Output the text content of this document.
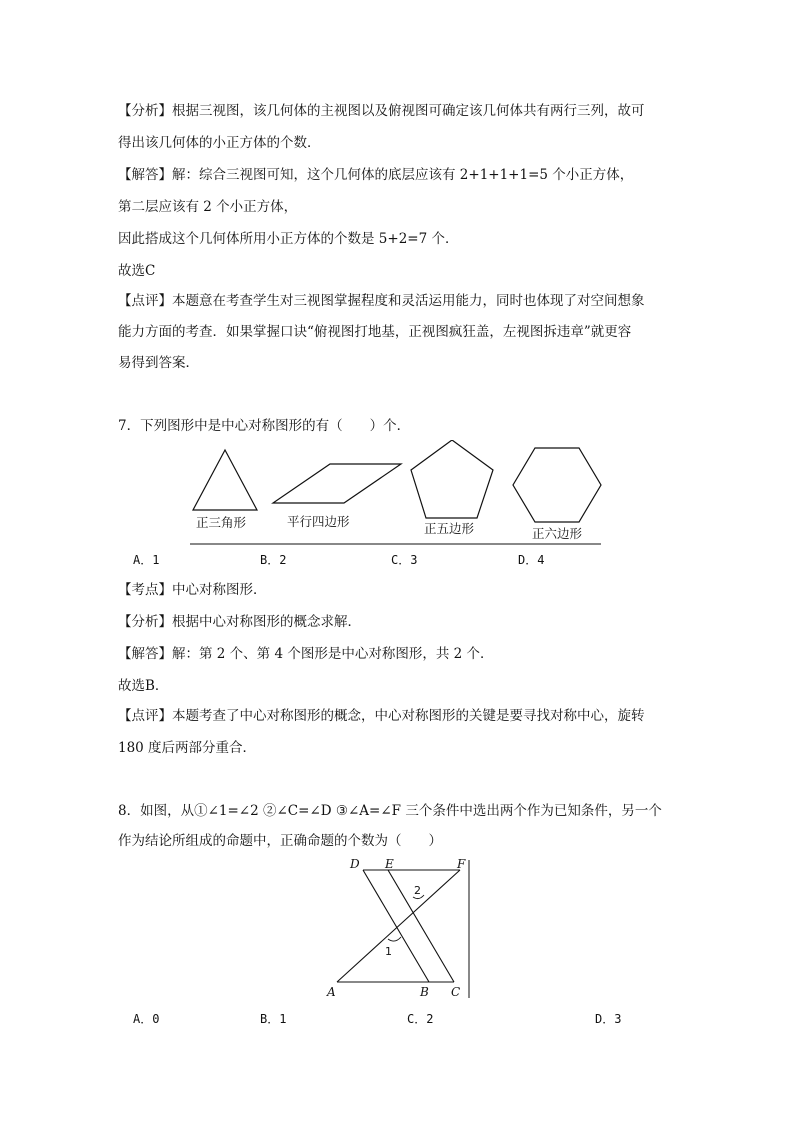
【分析】根据三视图，该几何体的主视图以及俯视图可确定该几何体共有两行三列，故可
得出该几何体的小正方体的个数．
【解答】解：综合三视图可知，这个几何体的底层应该有 2+1+1+1=5 个小正方体，
第二层应该有 2 个小正方体，
因此搭成这个几何体所用小正方体的个数是 5+2=7 个．
故选C
【点评】本题意在考查学生对三视图掌握程度和灵活运用能力，同时也体现了对空间想象
能力方面的考查．如果掌握口诀“俯视图打地基，正视图疯狂盖，左视图拆违章”就更容
易得到答案．
7．下列图形中是中心对称图形的有（　　）个．
正三角形	平行四边形	正五边形	正六边形
A．1	B．2	C．3	D．4
【考点】中心对称图形．
【分析】根据中心对称图形的概念求解．
【解答】解：第 2 个、第 4 个图形是中心对称图形，共 2 个．
故选B．
【点评】本题考查了中心对称图形的概念，中心对称图形的关键是要寻找对称中心，旋转
180 度后两部分重合．
8．如图，从①∠1=∠2 ②∠C=∠D ③∠A=∠F 三个条件中选出两个作为已知条件，另一个
作为结论所组成的命题中，正确命题的个数为（　　）
D E	F
A	B C
1
2
A．0	B．1	C．2	D．3
